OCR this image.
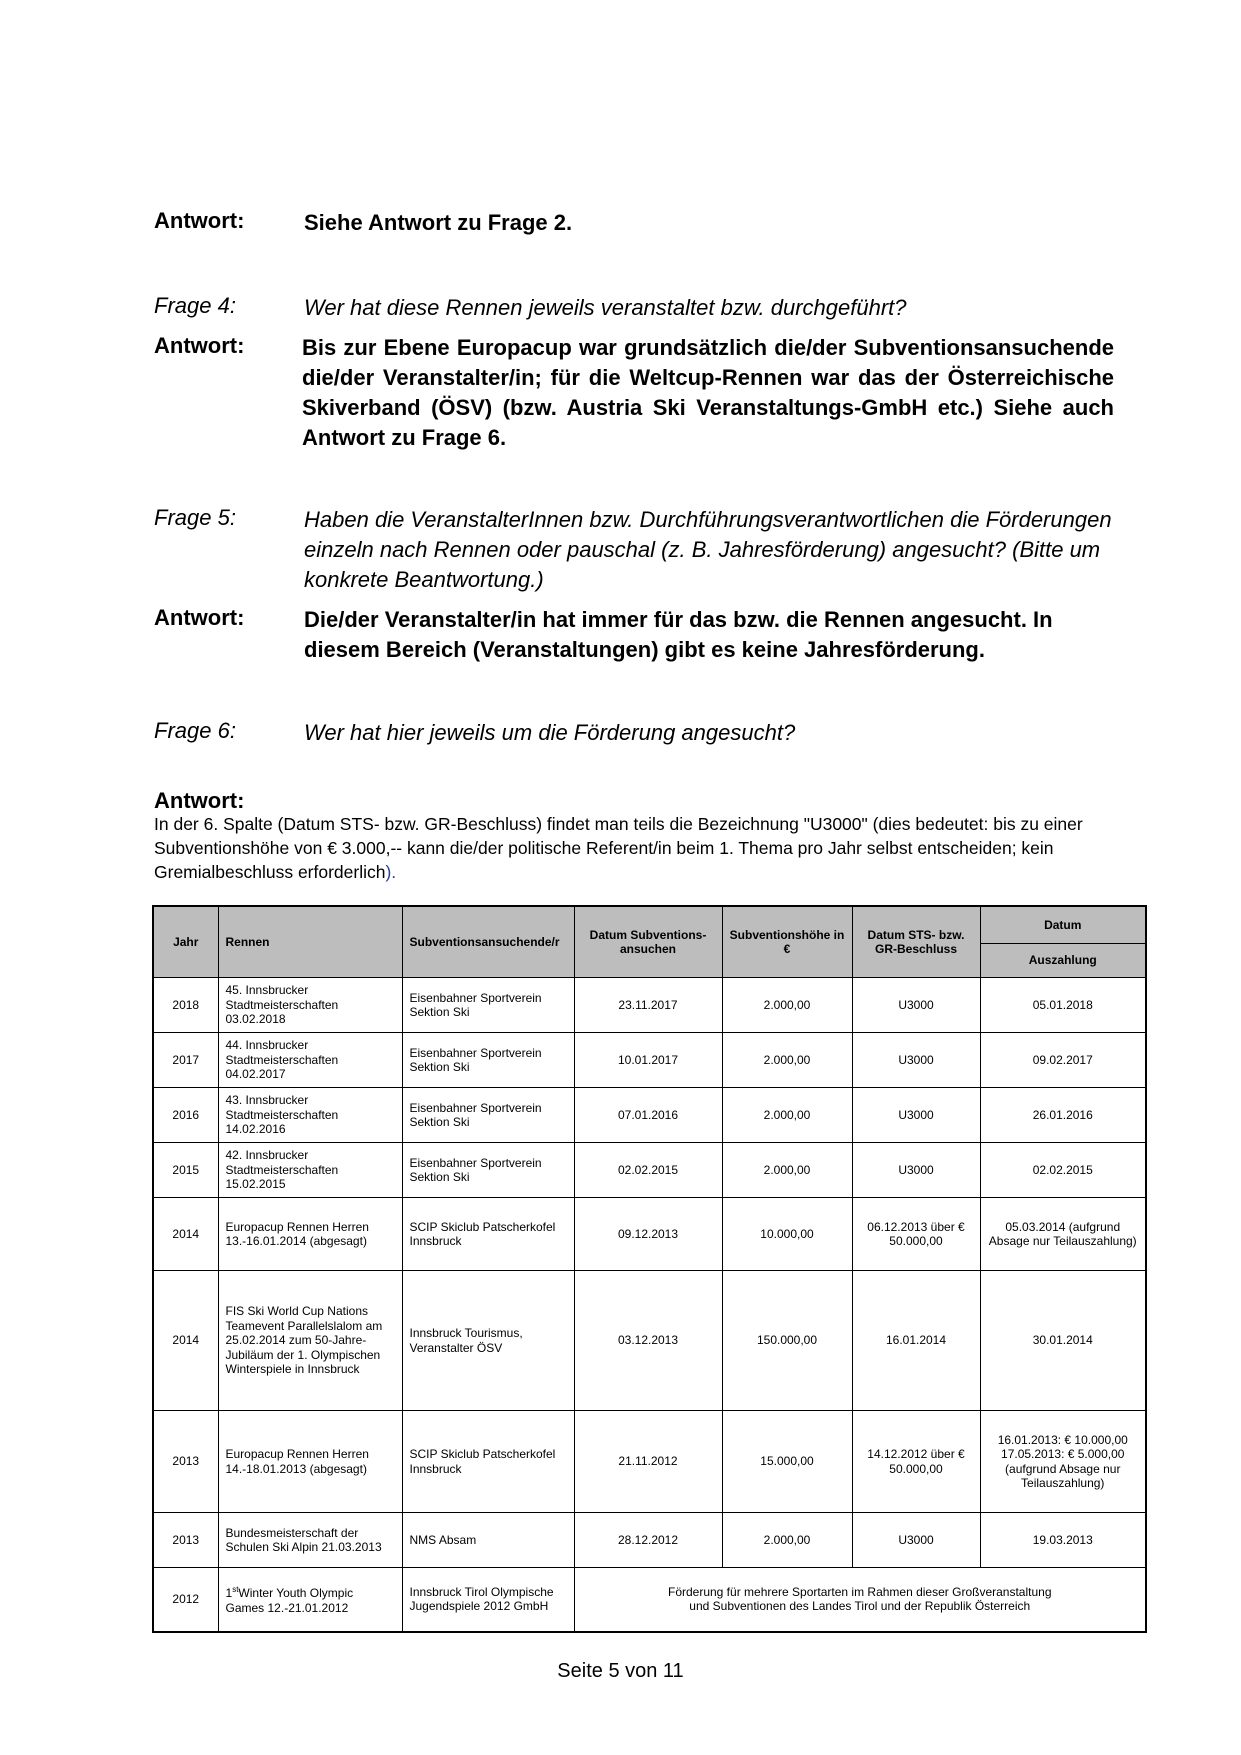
Antwort:	Siehe Antwort zu Frage 2.
Frage 4:	Wer hat diese Rennen jeweils veranstaltet bzw. durchgeführt?
Antwort:	Bis zur Ebene Europacup war grundsätzlich die/der Subventionsansuchende die/der Veranstalter/in; für die Weltcup-Rennen war das der Österreichische Skiverband (ÖSV) (bzw. Austria Ski Veranstaltungs-GmbH etc.) Siehe auch Antwort zu Frage 6.
Frage 5:	Haben die VeranstalterInnen bzw. Durchführungsverantwortlichen die Förderungen einzeln nach Rennen oder pauschal (z. B. Jahresförderung) angesucht? (Bitte um konkrete Beantwortung.)
Antwort:	Die/der Veranstalter/in hat immer für das bzw. die Rennen angesucht. In diesem Bereich (Veranstaltungen) gibt es keine Jahresförderung.
Frage 6:	Wer hat hier jeweils um die Förderung angesucht?
Antwort:
In der 6. Spalte (Datum STS- bzw. GR-Beschluss) findet man teils die Bezeichnung "U3000" (dies bedeutet: bis zu einer Subventionshöhe von € 3.000,-- kann die/der politische Referent/in beim 1. Thema pro Jahr selbst entscheiden; kein Gremialbeschluss erforderlich).
Jahr	Rennen	Subventionsansuchende/r	Datum Subventions-ansuchen	Subventionshöhe in €	Datum STS- bzw. GR-Beschluss	Datum
						Auszahlung
2018	45. Innsbrucker Stadtmeisterschaften 03.02.2018	Eisenbahner Sportverein Sektion Ski	23.11.2017	2.000,00	U3000	05.01.2018
2017	44. Innsbrucker Stadtmeisterschaften 04.02.2017	Eisenbahner Sportverein Sektion Ski	10.01.2017	2.000,00	U3000	09.02.2017
2016	43. Innsbrucker Stadtmeisterschaften 14.02.2016	Eisenbahner Sportverein Sektion Ski	07.01.2016	2.000,00	U3000	26.01.2016
2015	42. Innsbrucker Stadtmeisterschaften 15.02.2015	Eisenbahner Sportverein Sektion Ski	02.02.2015	2.000,00	U3000	02.02.2015
2014	Europacup Rennen Herren 13.-16.01.2014 (abgesagt)	SCIP Skiclub Patscherkofel Innsbruck	09.12.2013	10.000,00	06.12.2013 über € 50.000,00	05.03.2014 (aufgrund Absage nur Teilauszahlung)
2014	FIS Ski World Cup Nations Teamevent Parallelslalom am 25.02.2014 zum 50-Jahre-Jubiläum der 1. Olympischen Winterspiele in Innsbruck	Innsbruck Tourismus, Veranstalter ÖSV	03.12.2013	150.000,00	16.01.2014	30.01.2014
2013	Europacup Rennen Herren 14.-18.01.2013 (abgesagt)	SCIP Skiclub Patscherkofel Innsbruck	21.11.2012	15.000,00	14.12.2012 über € 50.000,00	16.01.2013: € 10.000,00 17.05.2013: € 5.000,00 (aufgrund Absage nur Teilauszahlung)
2013	Bundesmeisterschaft der Schulen Ski Alpin 21.03.2013	NMS Absam	28.12.2012	2.000,00	U3000	19.03.2013
2012	1stWinter Youth Olympic Games 12.-21.01.2012	Innsbruck Tirol Olympische Jugendspiele 2012 GmbH	Förderung für mehrere Sportarten im Rahmen dieser Großveranstaltung
und Subventionen des Landes Tirol und der Republik Österreich			
Seite 5 von 11
